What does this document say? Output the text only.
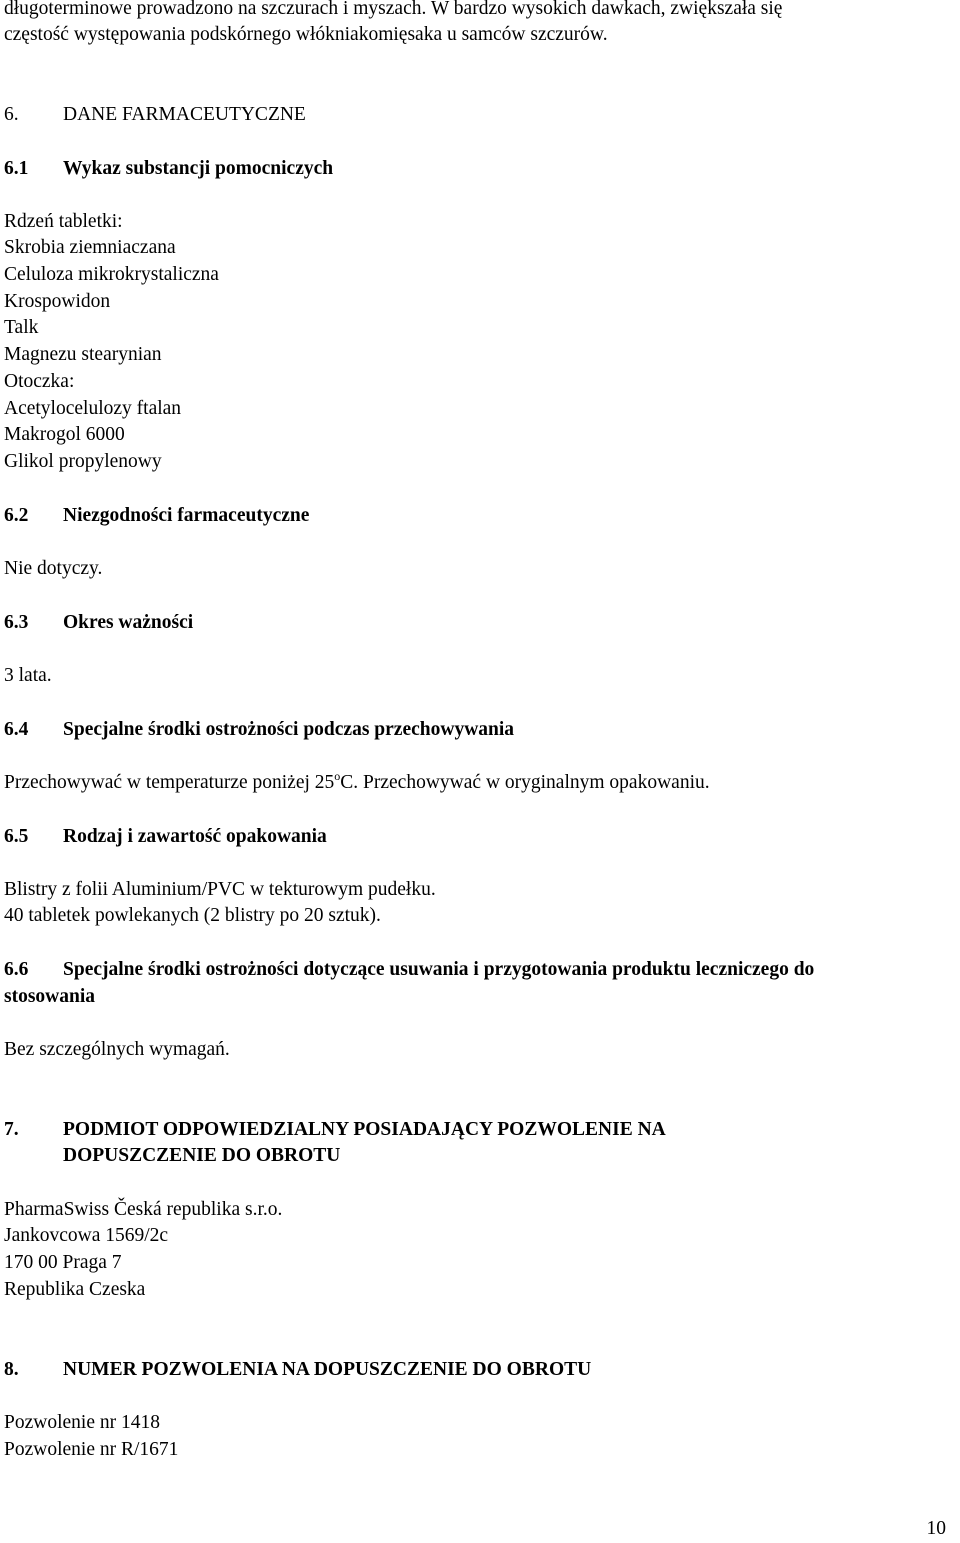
długoterminowe prowadzono na szczurach i myszach. W bardzo wysokich dawkach, zwiększała się
częstość występowania podskórnego włókniakomięsaka u samców szczurów.
6. DANE FARMACEUTYCZNE
6.1 Wykaz substancji pomocniczych
Rdzeń tabletki:
Skrobia ziemniaczana
Celuloza mikrokrystaliczna
Krospowidon
Talk
Magnezu stearynian
Otoczka:
Acetylocelulozy ftalan
Makrogol 6000
Glikol propylenowy
6.2 Niezgodności farmaceutyczne
Nie dotyczy.
6.3 Okres ważności
3 lata.
6.4 Specjalne środki ostrożności podczas przechowywania
Przechowywać w temperaturze poniżej 25$^o$C. Przechowywać w oryginalnym opakowaniu.
6.5 Rodzaj i zawartość opakowania
Blistry z folii Aluminium/PVC w tekturowym pudełku.
40 tabletek powlekanych (2 blistry po 20 sztuk).
6.6 Specjalne środki ostrożności dotyczące usuwania i przygotowania produktu leczniczego do
stosowania
Bez szczególnych wymagań.
7. PODMIOT ODPOWIEDZIALNY POSIADAJĄCY POZWOLENIE NA
DOPUSZCZENIE DO OBROTU
PharmaSwiss Česká republika s.r.o.
Jankovcowa 1569/2c
170 00 Praga 7
Republika Czeska
8. NUMER POZWOLENIA NA DOPUSZCZENIE DO OBROTU
Pozwolenie nr 1418
Pozwolenie nr R/1671
10
